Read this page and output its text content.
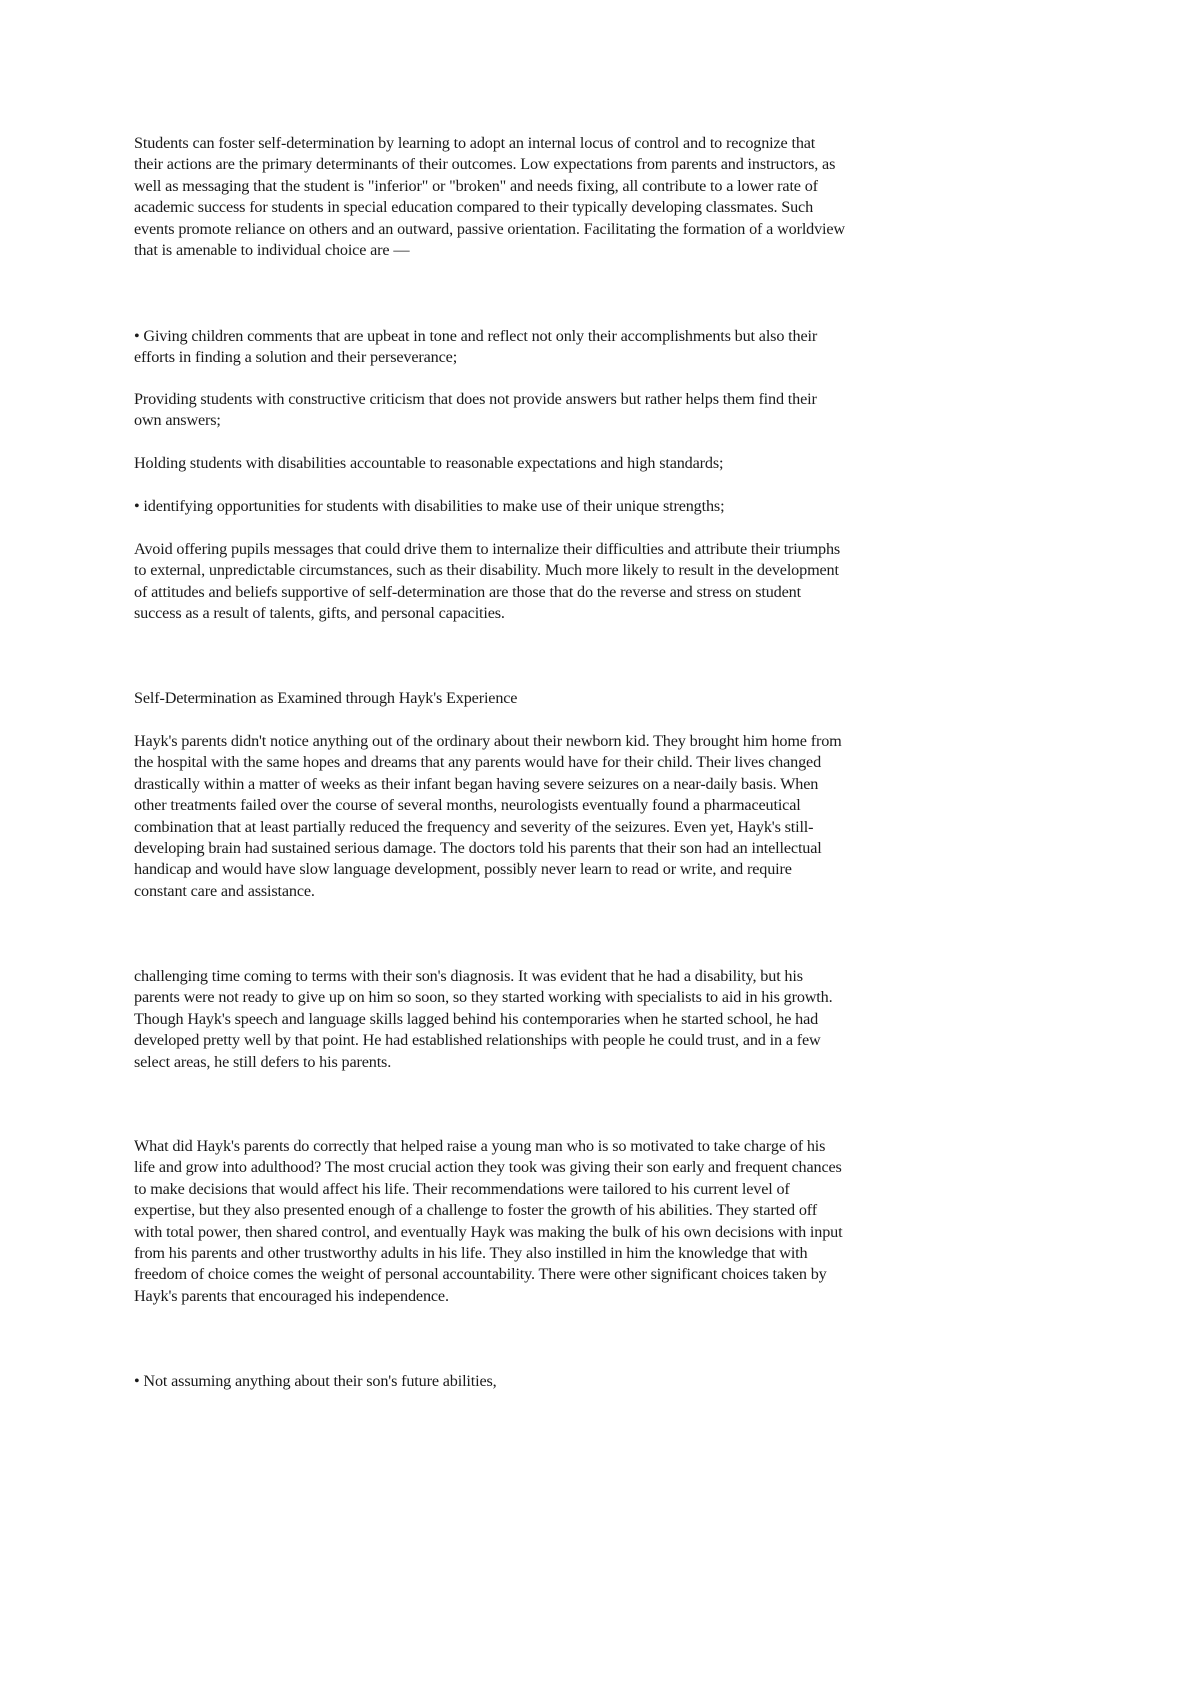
Students can foster self-determination by learning to adopt an internal locus of control and to recognize that
their actions are the primary determinants of their outcomes. Low expectations from parents and instructors, as
well as messaging that the student is "inferior" or "broken" and needs fixing, all contribute to a lower rate of
academic success for students in special education compared to their typically developing classmates. Such
events promote reliance on others and an outward, passive orientation. Facilitating the formation of a worldview
that is amenable to individual choice are —
• Giving children comments that are upbeat in tone and reflect not only their accomplishments but also their
efforts in finding a solution and their perseverance;
Providing students with constructive criticism that does not provide answers but rather helps them find their
own answers;
Holding students with disabilities accountable to reasonable expectations and high standards;
• identifying opportunities for students with disabilities to make use of their unique strengths;
Avoid offering pupils messages that could drive them to internalize their difficulties and attribute their triumphs
to external, unpredictable circumstances, such as their disability. Much more likely to result in the development
of attitudes and beliefs supportive of self-determination are those that do the reverse and stress on student
success as a result of talents, gifts, and personal capacities.
Self-Determination as Examined through Hayk's Experience
Hayk's parents didn't notice anything out of the ordinary about their newborn kid. They brought him home from
the hospital with the same hopes and dreams that any parents would have for their child. Their lives changed
drastically within a matter of weeks as their infant began having severe seizures on a near-daily basis. When
other treatments failed over the course of several months, neurologists eventually found a pharmaceutical
combination that at least partially reduced the frequency and severity of the seizures. Even yet, Hayk's still-
developing brain had sustained serious damage. The doctors told his parents that their son had an intellectual
handicap and would have slow language development, possibly never learn to read or write, and require
constant care and assistance.
challenging time coming to terms with their son's diagnosis. It was evident that he had a disability, but his
parents were not ready to give up on him so soon, so they started working with specialists to aid in his growth.
Though Hayk's speech and language skills lagged behind his contemporaries when he started school, he had
developed pretty well by that point. He had established relationships with people he could trust, and in a few
select areas, he still defers to his parents.
What did Hayk's parents do correctly that helped raise a young man who is so motivated to take charge of his
life and grow into adulthood? The most crucial action they took was giving their son early and frequent chances
to make decisions that would affect his life. Their recommendations were tailored to his current level of
expertise, but they also presented enough of a challenge to foster the growth of his abilities. They started off
with total power, then shared control, and eventually Hayk was making the bulk of his own decisions with input
from his parents and other trustworthy adults in his life. They also instilled in him the knowledge that with
freedom of choice comes the weight of personal accountability. There were other significant choices taken by
Hayk's parents that encouraged his independence.
• Not assuming anything about their son's future abilities,
